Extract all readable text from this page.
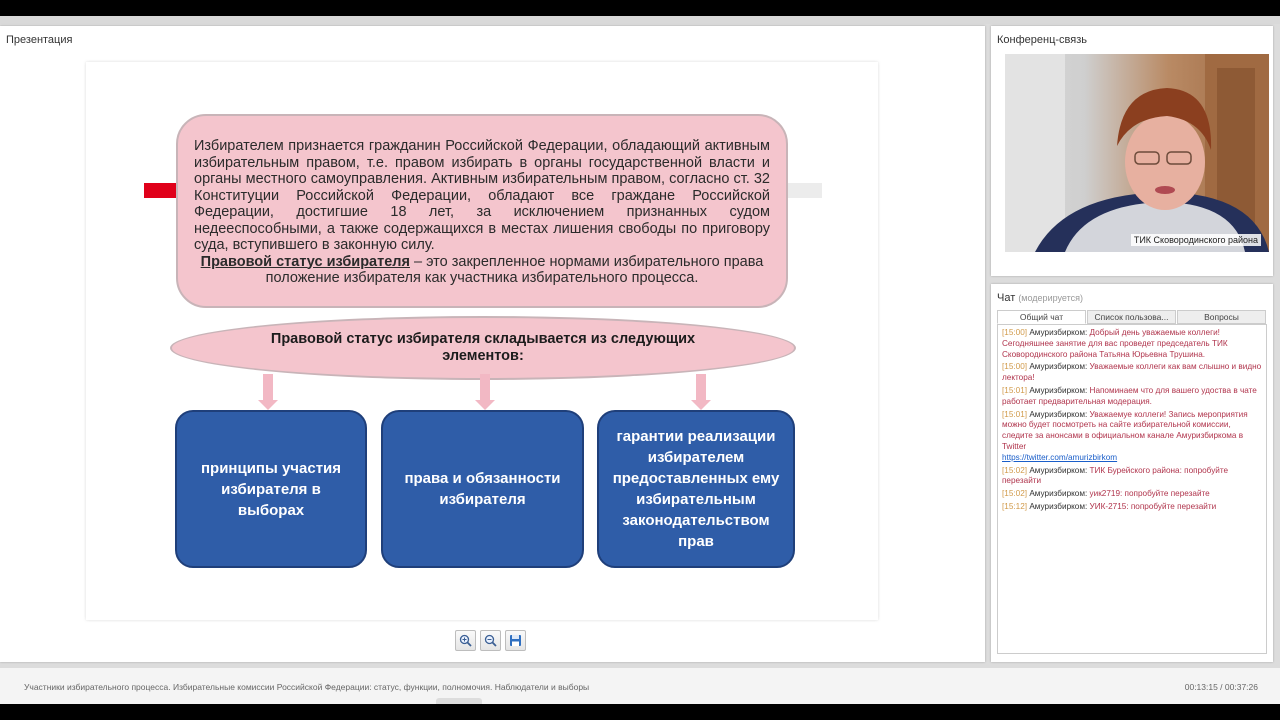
Презентация
Избирателем признается гражданин Российской Федерации, обладающий активным избирательным правом, т.е. правом избирать в органы государственной власти и органы местного самоуправления. Активным избирательным правом, согласно ст. 32 Конституции Российской Федерации, обладают все граждане Российской Федерации, достигшие 18 лет, за исключением признанных судом недееспособными, а также содержащихся в местах лишения свободы по приговору суда, вступившего в законную силу.
Правовой статус избирателя – это закрепленное нормами избирательного права положение избирателя как участника избирательного процесса.
Правовой статус избирателя складывается из следующих элементов:
принципы участия избирателя в выборах
права и обязанности избирателя
гарантии реализации избирателем предоставленных ему избирательным законодательством прав
Конференц-связь
ТИК Сковородинского района
Чат (модерируется)
Общий чат	Список пользова...	Вопросы
[15:00] Амуризбирком: Добрый день уважаемые коллеги! Сегодняшнее занятие для вас проведет председатель ТИК Сковородинского района Татьяна Юрьевна Трушина.
[15:00] Амуризбирком: Уважаемые коллеги как вам слышно и видно лектора!
[15:01] Амуризбирком: Напоминаем что для вашего удоства в чате работает предварительная модерация.
[15:01] Амуризбирком: Уважаемуе коллеги! Запись мероприятия можно будет посмотреть на сайте избирательной комиссии, следите за анонсами в официальном канале Амуризбиркома в Twitter
https://twitter.com/amurizbirkom
[15:02] Амуризбирком: ТИК Бурейского района: попробуйте перезайти
[15:02] Амуризбирком: уик2719: попробуйте перезайте
[15:12] Амуризбирком: УИК-2715: попробуйте перезайти
Участники избирательного процесса. Избирательные комиссии Российской Федерации: статус, функции, полномочия. Наблюдатели и выборы	00:13:15 / 00:37:26
